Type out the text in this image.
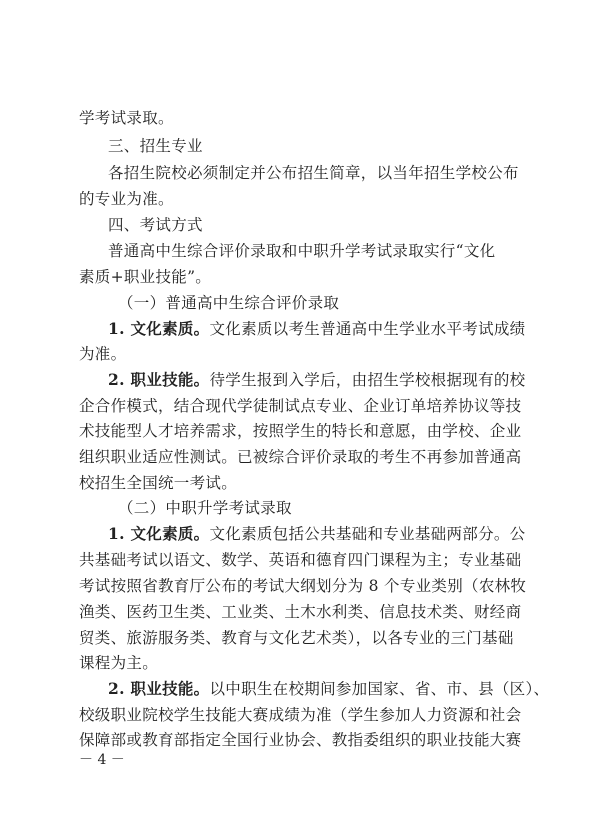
学考试录取。
三、招生专业
各招生院校必须制定并公布招生简章，以当年招生学校公布
的专业为准。
四、考试方式
普通高中生综合评价录取和中职升学考试录取实行“文化
素质+职业技能”。
（一）普通高中生综合评价录取
1. 文化素质。文化素质以考生普通高中生学业水平考试成绩
为准。
2. 职业技能。待学生报到入学后，由招生学校根据现有的校
企合作模式，结合现代学徒制试点专业、企业订单培养协议等技
术技能型人才培养需求，按照学生的特长和意愿，由学校、企业
组织职业适应性测试。已被综合评价录取的考生不再参加普通高
校招生全国统一考试。
（二）中职升学考试录取
1. 文化素质。文化素质包括公共基础和专业基础两部分。公
共基础考试以语文、数学、英语和德育四门课程为主；专业基础
考试按照省教育厅公布的考试大纲划分为 8 个专业类别（农林牧
渔类、医药卫生类、工业类、土木水利类、信息技术类、财经商
贸类、旅游服务类、教育与文化艺术类），以各专业的三门基础
课程为主。
2. 职业技能。以中职生在校期间参加国家、省、市、县（区）、
校级职业院校学生技能大赛成绩为准（学生参加人力资源和社会
保障部或教育部指定全国行业协会、教指委组织的职业技能大赛
－ 4 －
